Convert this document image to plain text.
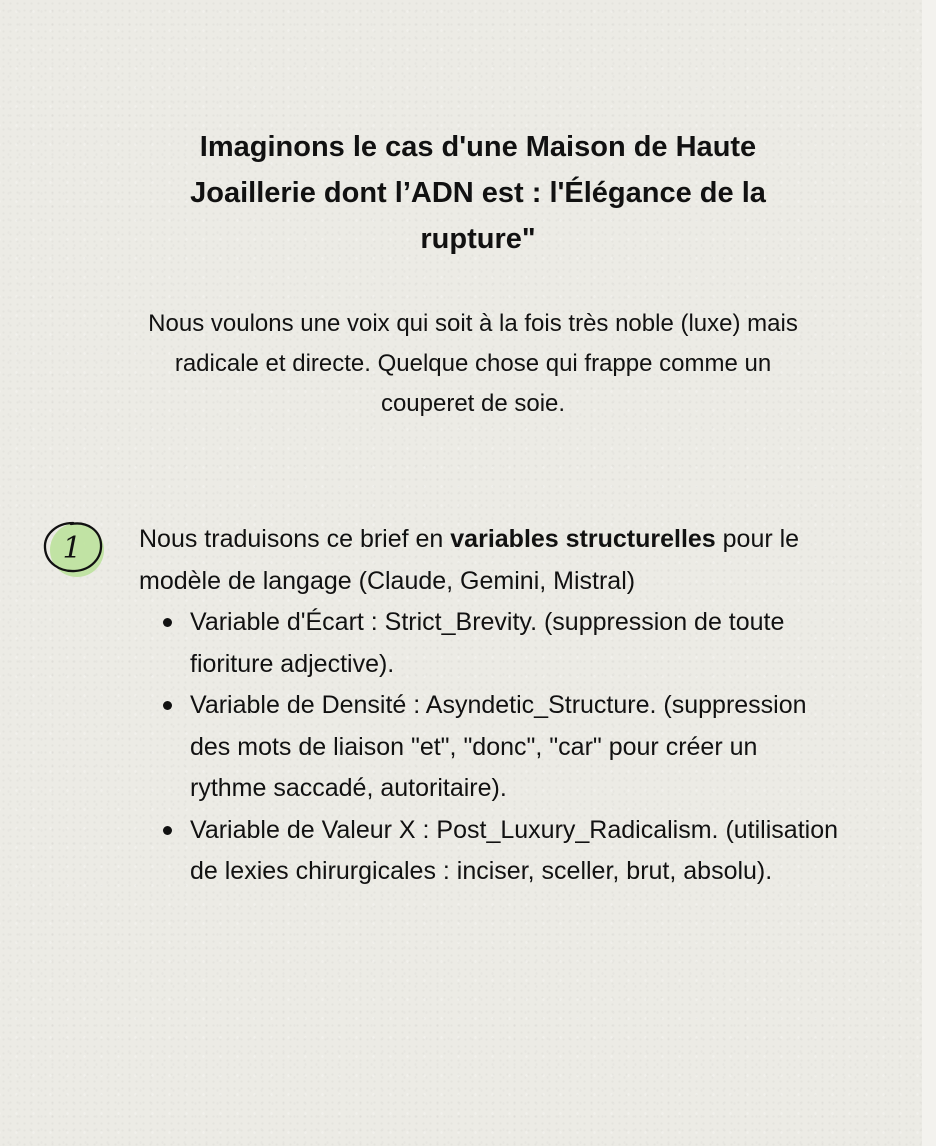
Imaginons le cas d'une Maison de Haute Joaillerie dont l’ADN est : l'Élégance de la rupture"

Nous voulons une voix qui soit à la fois très noble (luxe) mais radicale et directe. Quelque chose qui frappe comme un couperet de soie.

1 Nous traduisons ce brief en variables structurelles pour le modèle de langage (Claude, Gemini, Mistral)

Variable d'Écart : Strict_Brevity. (suppression de toute fioriture adjective).
Variable de Densité : Asyndetic_Structure. (suppression des mots de liaison "et", "donc", "car" pour créer un rythme saccadé, autoritaire).
Variable de Valeur X : Post_Luxury_Radicalism. (utilisation de lexies chirurgicales : inciser, sceller, brut, absolu).
